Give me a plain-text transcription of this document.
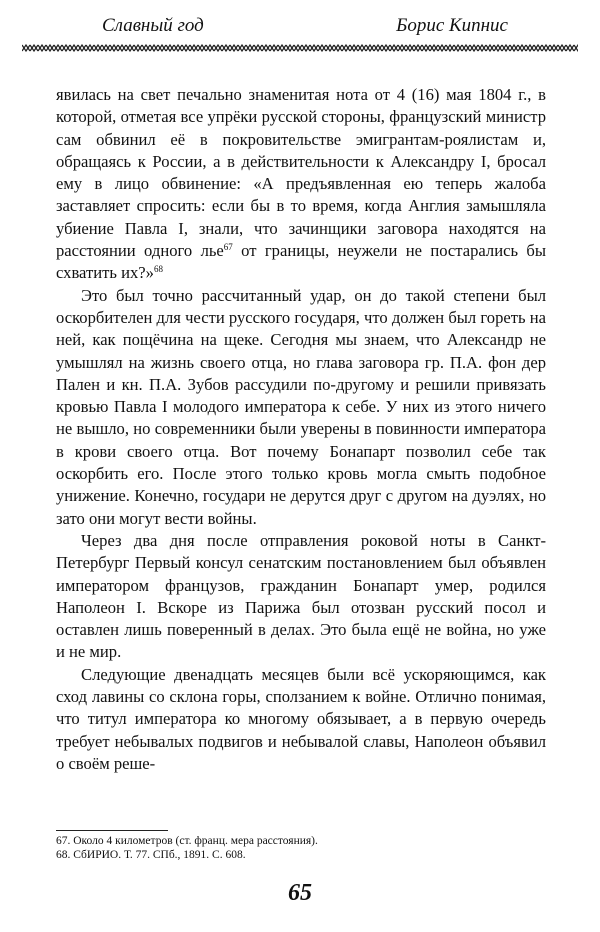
Славный год	Борис Кипнис

явилась на свет печально знаменитая нота от 4 (16) мая 1804 г., в которой, отметая все упрёки русской стороны, французский министр сам обвинил её в покровительстве эмигрантам-роялистам и, обращаясь к России, а в действительности к Александру I, бросал ему в лицо обвинение: «А предъявленная ею теперь жалоба заставляет спросить: если бы в то время, когда Англия замышляла убиение Павла I, знали, что зачинщики заговора находятся на расстоянии одного лье$^{67}$ от границы, неужели не постарались бы схватить их?»$^{68}$

Это был точно рассчитанный удар, он до такой степени был оскорбителен для чести русского государя, что должен был гореть на ней, как пощёчина на щеке. Сегодня мы знаем, что Александр не умышлял на жизнь своего отца, но глава заговора гр. П.А. фон дер Пален и кн. П.А. Зубов рассудили по-другому и решили привязать кровью Павла I молодого императора к себе. У них из этого ничего не вышло, но современники были уверены в повинности императора в крови своего отца. Вот почему Бонапарт позволил себе так оскорбить его. После этого только кровь могла смыть подобное унижение. Конечно, государи не дерутся друг с другом на дуэлях, но зато они могут вести войны.

Через два дня после отправления роковой ноты в Санкт-Петербург Первый консул сенатским постановлением был объявлен императором французов, гражданин Бонапарт умер, родился Наполеон I. Вскоре из Парижа был отозван русский посол и оставлен лишь поверенный в делах. Это была ещё не война, но уже и не мир.

Следующие двенадцать месяцев были всё ускоряющимся, как сход лавины со склона горы, сползанием к войне. Отлично понимая, что титул императора ко многому обязывает, а в первую очередь требует небывалых подвигов и небывалой славы, Наполеон объявил о своём реше-

67. Около 4 километров (ст. франц. мера расстояния).
68. СбИРИО. Т. 77. СПб., 1891. С. 608.
65
